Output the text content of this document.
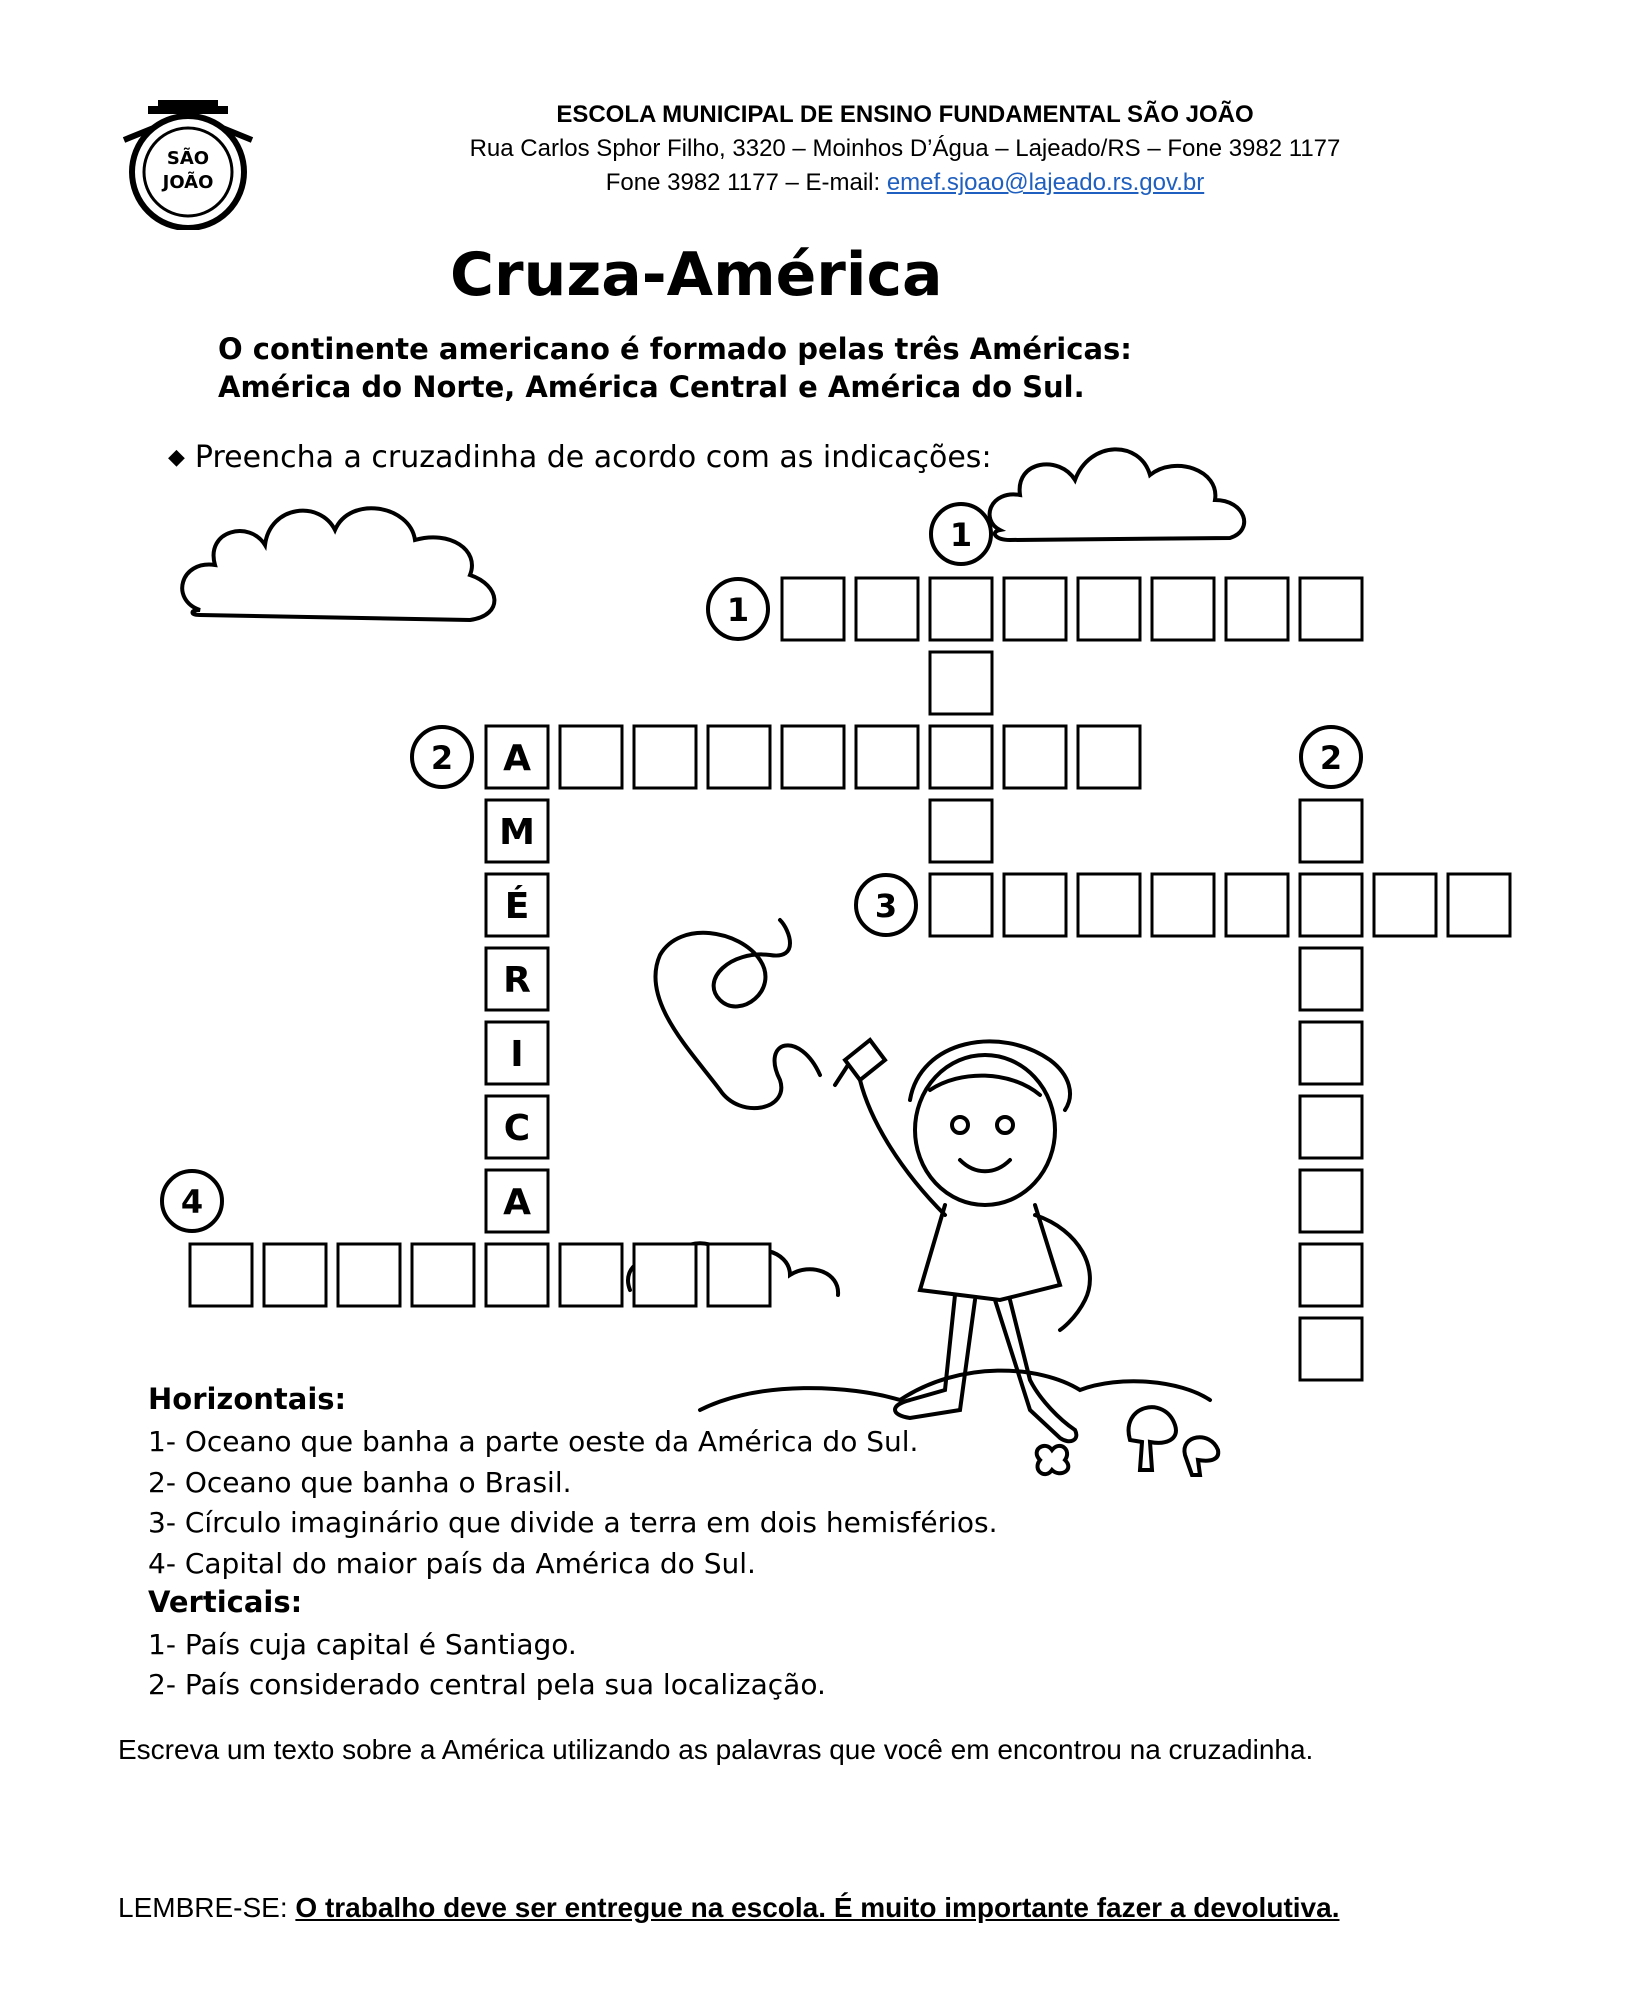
SÃO
JOÃO
ESCOLA MUNICIPAL DE ENSINO FUNDAMENTAL SÃO JOÃO
Rua Carlos Sphor Filho, 3320 – Moinhos D’Água – Lajeado/RS – Fone 3982 1177
Fone 3982 1177 – E-mail: emef.sjoao@lajeado.rs.gov.br
Cruza-América
O continente americano é formado pelas três Américas:
América do Norte, América Central e América do Sul.
◆ Preencha a cruzadinha de acordo com as indicações:
A
M
É
R
I
C
A
1
1
2	2
3
4
Horizontais:
1- Oceano que banha a parte oeste da América do Sul.
2- Oceano que banha o Brasil.
3- Círculo imaginário que divide a terra em dois hemisférios.
4- Capital do maior país da América do Sul.
Verticais:
1- País cuja capital é Santiago.
2- País considerado central pela sua localização.
Escreva um texto sobre a América utilizando as palavras que você em encontrou na cruzadinha.
LEMBRE-SE: O trabalho deve ser entregue na escola. É muito importante fazer a devolutiva.
